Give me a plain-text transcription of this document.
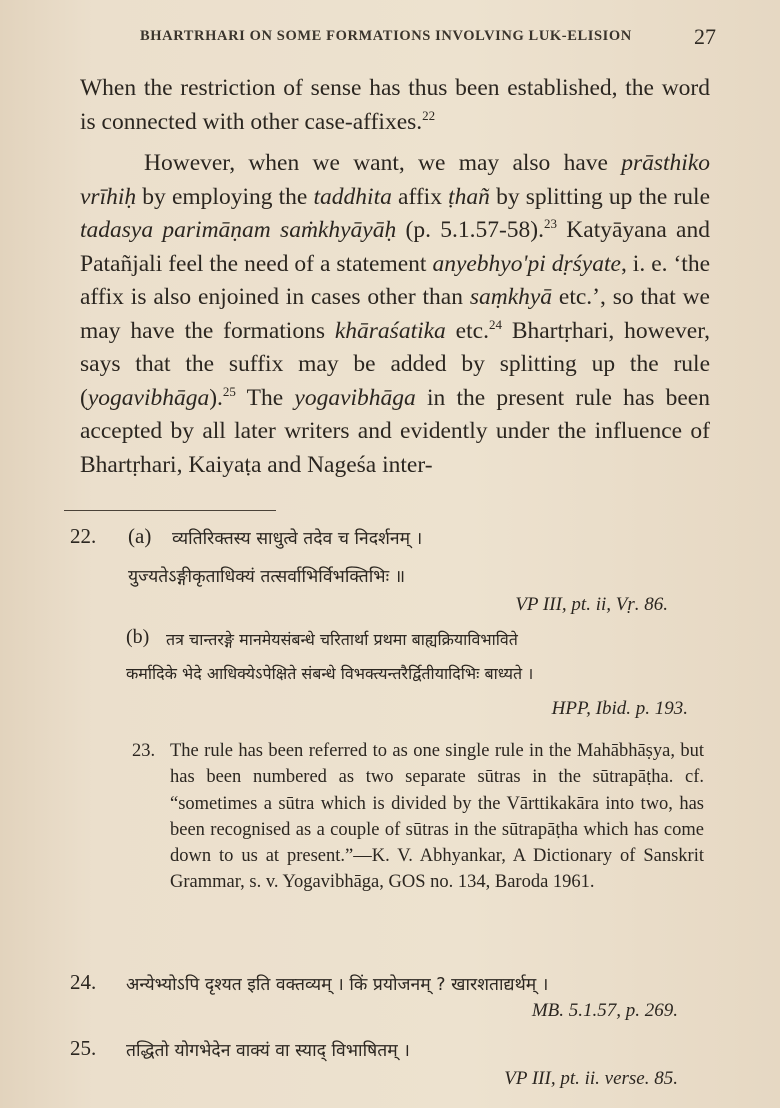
BHARTRHARI ON SOME FORMATIONS INVOLVING LUK-ELISION	27

When the restriction of sense has thus been established, the word is connected with other case-affixes.$^{22}$

However, when we want, we may also have prāsthiko vrīhiḥ by employing the taddhita affix ṭhañ by splitting up the rule tadasya parimāṇam saṁkhyāyāḥ (p. 5.1.57-58).$^{23}$ Katyāyana and Patañjali feel the need of a statement anyebhyo'pi dṛśyate, i. e. ‘the affix is also enjoined in cases other than saṃkhyā etc.’, so that we may have the formations khāraśatika etc.$^{24}$ Bhartṛhari, however, says that the suffix may be added by splitting up the rule (yogavibhāga).$^{25}$ The yogavibhāga in the present rule has been accepted by all later writers and evidently under the influence of Bhartṛhari, Kaiyaṭa and Nageśa inter-

22. (a) व्यतिरिक्तस्य साधुत्वे तदेव च निदर्शनम् ।
युज्यतेऽङ्गीकृताधिक्यं तत्सर्वाभिर्विभक्तिभिः ॥
VP III, pt. ii, Vṛ. 86.
(b) तत्र चान्तरङ्गे मानमेयसंबन्धे चरितार्था प्रथमा बाह्यक्रियाविभाविते
कर्मादिके भेदे आधिक्येऽपेक्षिते संबन्धे विभक्त्यन्तरैर्द्वितीयादिभिः बाध्यते ।
HPP, Ibid. p. 193.
23. The rule has been referred to as one single rule in the Mahābhāṣya, but has been numbered as two separate sūtras in the sūtrapāṭha. cf. “sometimes a sūtra which is divided by the Vārttikakāra into two, has been recognised as a couple of sūtras in the sūtrapāṭha which has come down to us at present.”—K. V. Abhyankar, A Dictionary of Sanskrit Grammar, s. v. Yogavibhāga, GOS no. 134, Baroda 1961.
24. अन्येभ्योऽपि दृश्यत इति वक्तव्यम् । किं प्रयोजनम् ? खारशताद्यर्थम् ।
MB. 5.1.57, p. 269.
25. तद्धितो योगभेदेन वाक्यं वा स्याद् विभाषितम् ।
VP III, pt. ii. verse. 85.
